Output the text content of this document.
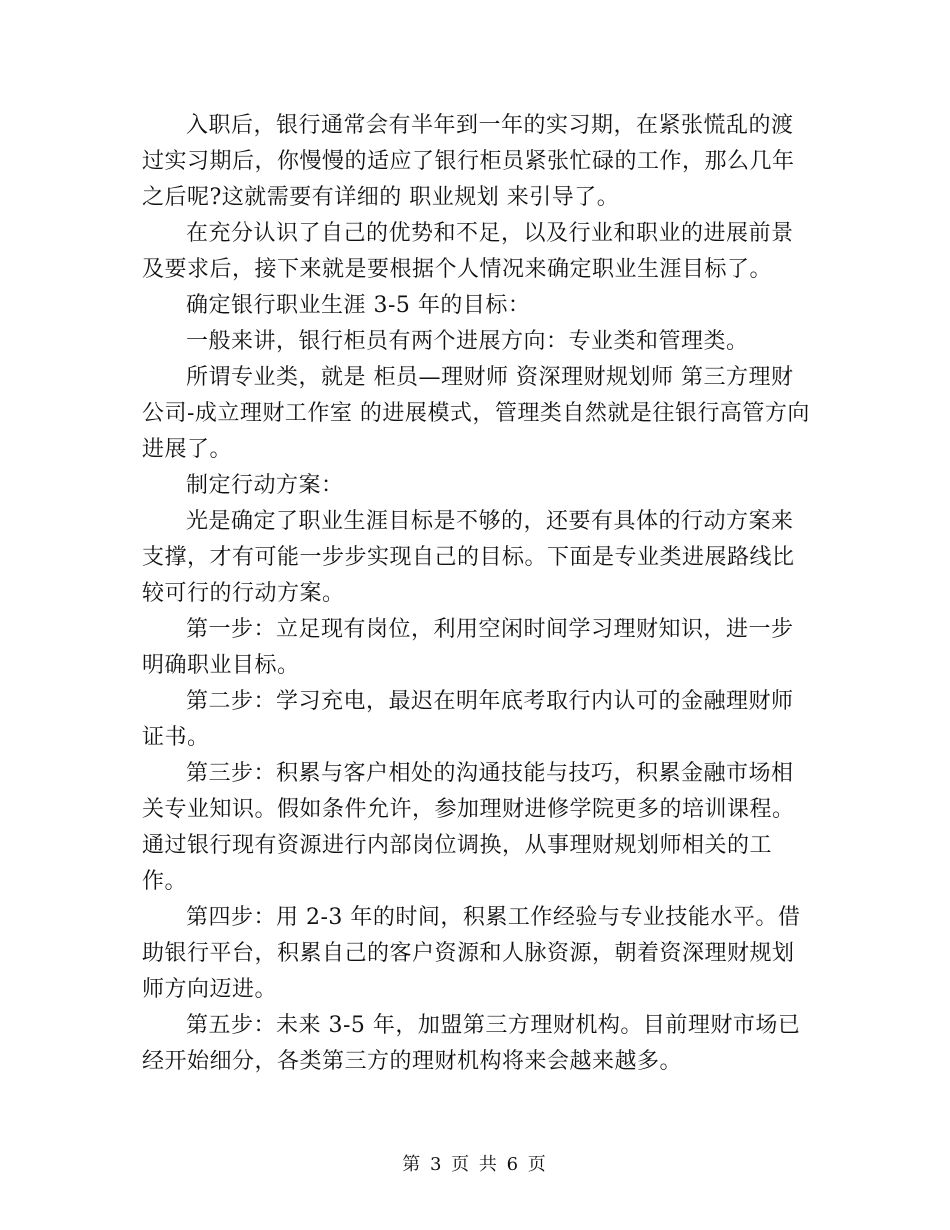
入职后，银行通常会有半年到一年的实习期，在紧张慌乱的渡过实习期后，你慢慢的适应了银行柜员紧张忙碌的工作，那么几年之后呢?这就需要有详细的 职业规划 来引导了。

在充分认识了自己的优势和不足，以及行业和职业的进展前景及要求后，接下来就是要根据个人情况来确定职业生涯目标了。

确定银行职业生涯 3-5 年的目标：

一般来讲，银行柜员有两个进展方向：专业类和管理类。

所谓专业类，就是 柜员—理财师 资深理财规划师 第三方理财公司-成立理财工作室 的进展模式，管理类自然就是往银行高管方向进展了。

制定行动方案：

光是确定了职业生涯目标是不够的，还要有具体的行动方案来支撑，才有可能一步步实现自己的目标。下面是专业类进展路线比较可行的行动方案。

第一步：立足现有岗位，利用空闲时间学习理财知识，进一步明确职业目标。

第二步：学习充电，最迟在明年底考取行内认可的金融理财师证书。

第三步：积累与客户相处的沟通技能与技巧，积累金融市场相关专业知识。假如条件允许，参加理财进修学院更多的培训课程。通过银行现有资源进行内部岗位调换，从事理财规划师相关的工作。

第四步：用 2-3 年的时间，积累工作经验与专业技能水平。借助银行平台，积累自己的客户资源和人脉资源，朝着资深理财规划师方向迈进。

第五步：未来 3-5 年，加盟第三方理财机构。目前理财市场已经开始细分，各类第三方的理财机构将来会越来越多。

第 3 页 共 6 页
